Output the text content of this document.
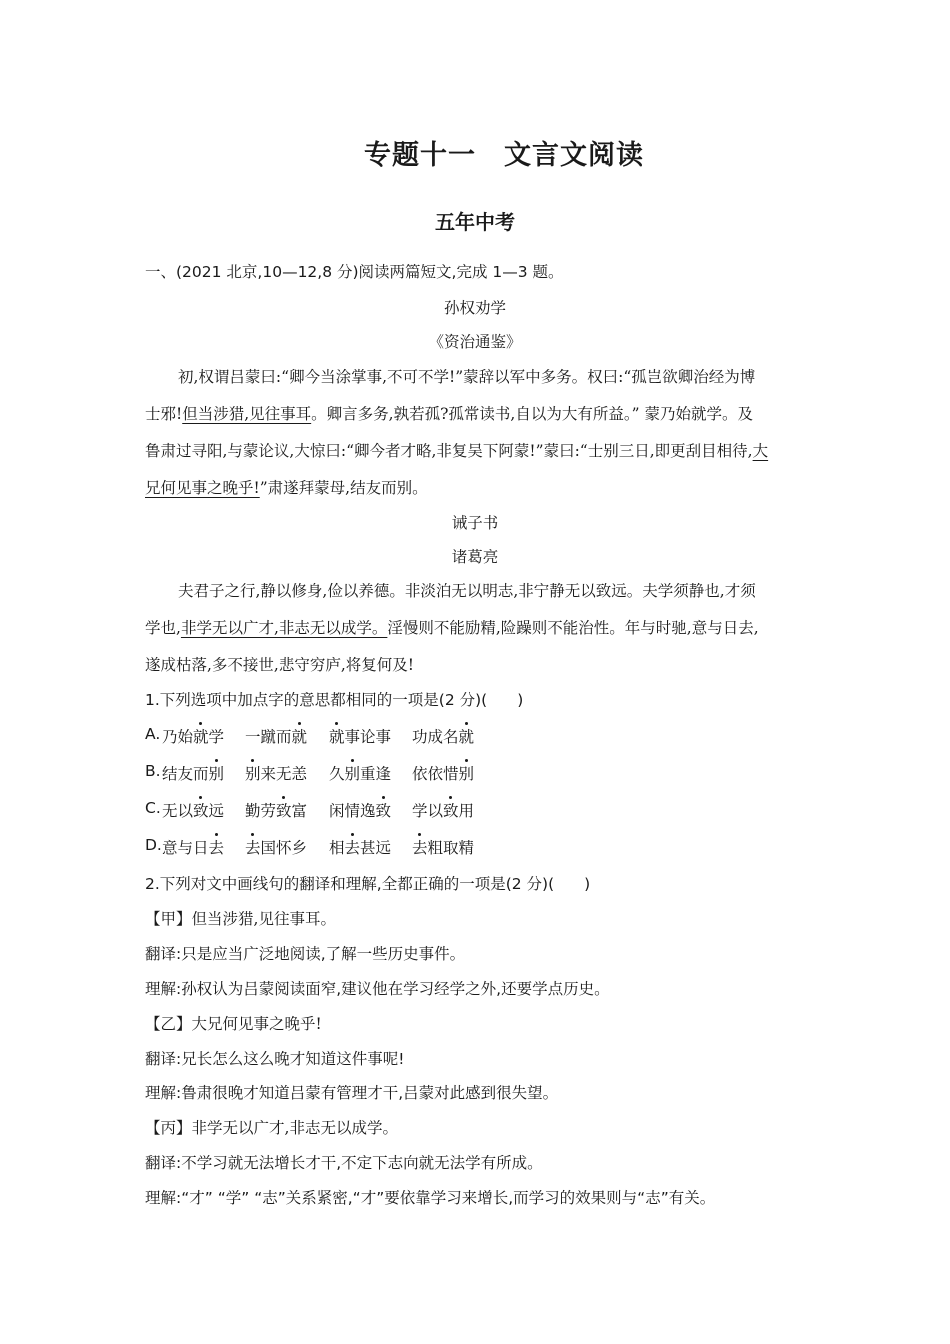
专题十一　文言文阅读
五年中考
一、(2021 北京,10—12,8 分)阅读两篇短文,完成 1—3 题。
孙权劝学
《资治通鉴》
初,权谓吕蒙曰:“卿今当涂掌事,不可不学!”蒙辞以军中多务。权曰:“孤岂欲卿治经为博
士邪!但当涉猎,见往事耳。卿言多务,孰若孤?孤常读书,自以为大有所益。” 蒙乃始就学。及
鲁肃过寻阳,与蒙论议,大惊曰:“卿今者才略,非复吴下阿蒙!”蒙曰:“士别三日,即更刮目相待,大
兄何见事之晚乎!”肃遂拜蒙母,结友而别。
诫子书
诸葛亮
夫君子之行,静以修身,俭以养德。非淡泊无以明志,非宁静无以致远。夫学须静也,才须
学也,非学无以广才,非志无以成学。淫慢则不能励精,险躁则不能治性。年与时驰,意与日去,
遂成枯落,多不接世,悲守穷庐,将复何及!
1.下列选项中加点字的意思都相同的一项是(2 分)( )
A. 乃始就学 一蹴而就 就事论事 功成名就
B. 结友而别 别来无恙 久别重逢 依依惜别
C. 无以致远 勤劳致富 闲情逸致 学以致用
D. 意与日去 去国怀乡 相去甚远 去粗取精
2.下列对文中画线句的翻译和理解,全都正确的一项是(2 分)( )
【甲】但当涉猎,见往事耳。
翻译:只是应当广泛地阅读,了解一些历史事件。
理解:孙权认为吕蒙阅读面窄,建议他在学习经学之外,还要学点历史。
【乙】大兄何见事之晚乎!
翻译:兄长怎么这么晚才知道这件事呢!
理解:鲁肃很晚才知道吕蒙有管理才干,吕蒙对此感到很失望。
【丙】非学无以广才,非志无以成学。
翻译:不学习就无法增长才干,不定下志向就无法学有所成。
理解:“才” “学” “志”关系紧密,“才”要依靠学习来增长,而学习的效果则与“志”有关。
